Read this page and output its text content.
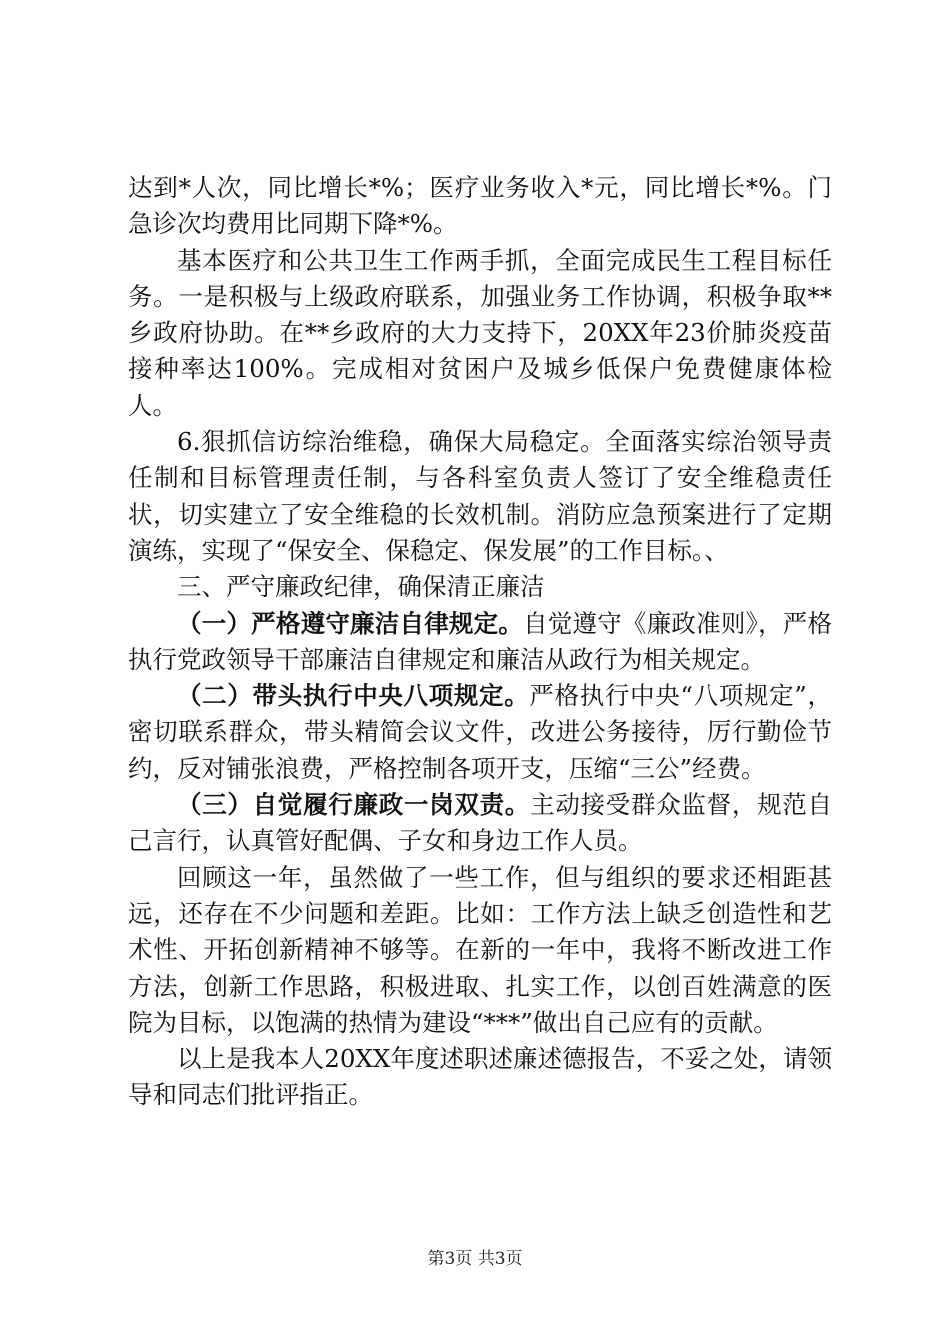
达到*人次，同比增长*%；医疗业务收入*元，同比增长*%。门急诊次均费用比同期下降*%。

基本医疗和公共卫生工作两手抓，全面完成民生工程目标任务。一是积极与上级政府联系，加强业务工作协调，积极争取**乡政府协助。在**乡政府的大力支持下，20XX年23价肺炎疫苗接种率达100%。完成相对贫困户及城乡低保户免费健康体检人。

6.狠抓信访综治维稳，确保大局稳定。全面落实综治领导责任制和目标管理责任制，与各科室负责人签订了安全维稳责任状，切实建立了安全维稳的长效机制。消防应急预案进行了定期演练，实现了“保安全、保稳定、保发展”的工作目标。、

三、严守廉政纪律，确保清正廉洁

（一）严格遵守廉洁自律规定。自觉遵守《廉政准则》，严格执行党政领导干部廉洁自律规定和廉洁从政行为相关规定。

（二）带头执行中央八项规定。严格执行中央“八项规定”，密切联系群众，带头精简会议文件，改进公务接待，厉行勤俭节约，反对铺张浪费，严格控制各项开支，压缩“三公”经费。

（三）自觉履行廉政一岗双责。主动接受群众监督，规范自己言行，认真管好配偶、子女和身边工作人员。

回顾这一年，虽然做了一些工作，但与组织的要求还相距甚远，还存在不少问题和差距。比如：工作方法上缺乏创造性和艺术性、开拓创新精神不够等。在新的一年中，我将不断改进工作方法，创新工作思路，积极进取、扎实工作，以创百姓满意的医院为目标，以饱满的热情为建设“***”做出自己应有的贡献。

以上是我本人20XX年度述职述廉述德报告，不妥之处，请领导和同志们批评指正。

第3页 共3页
